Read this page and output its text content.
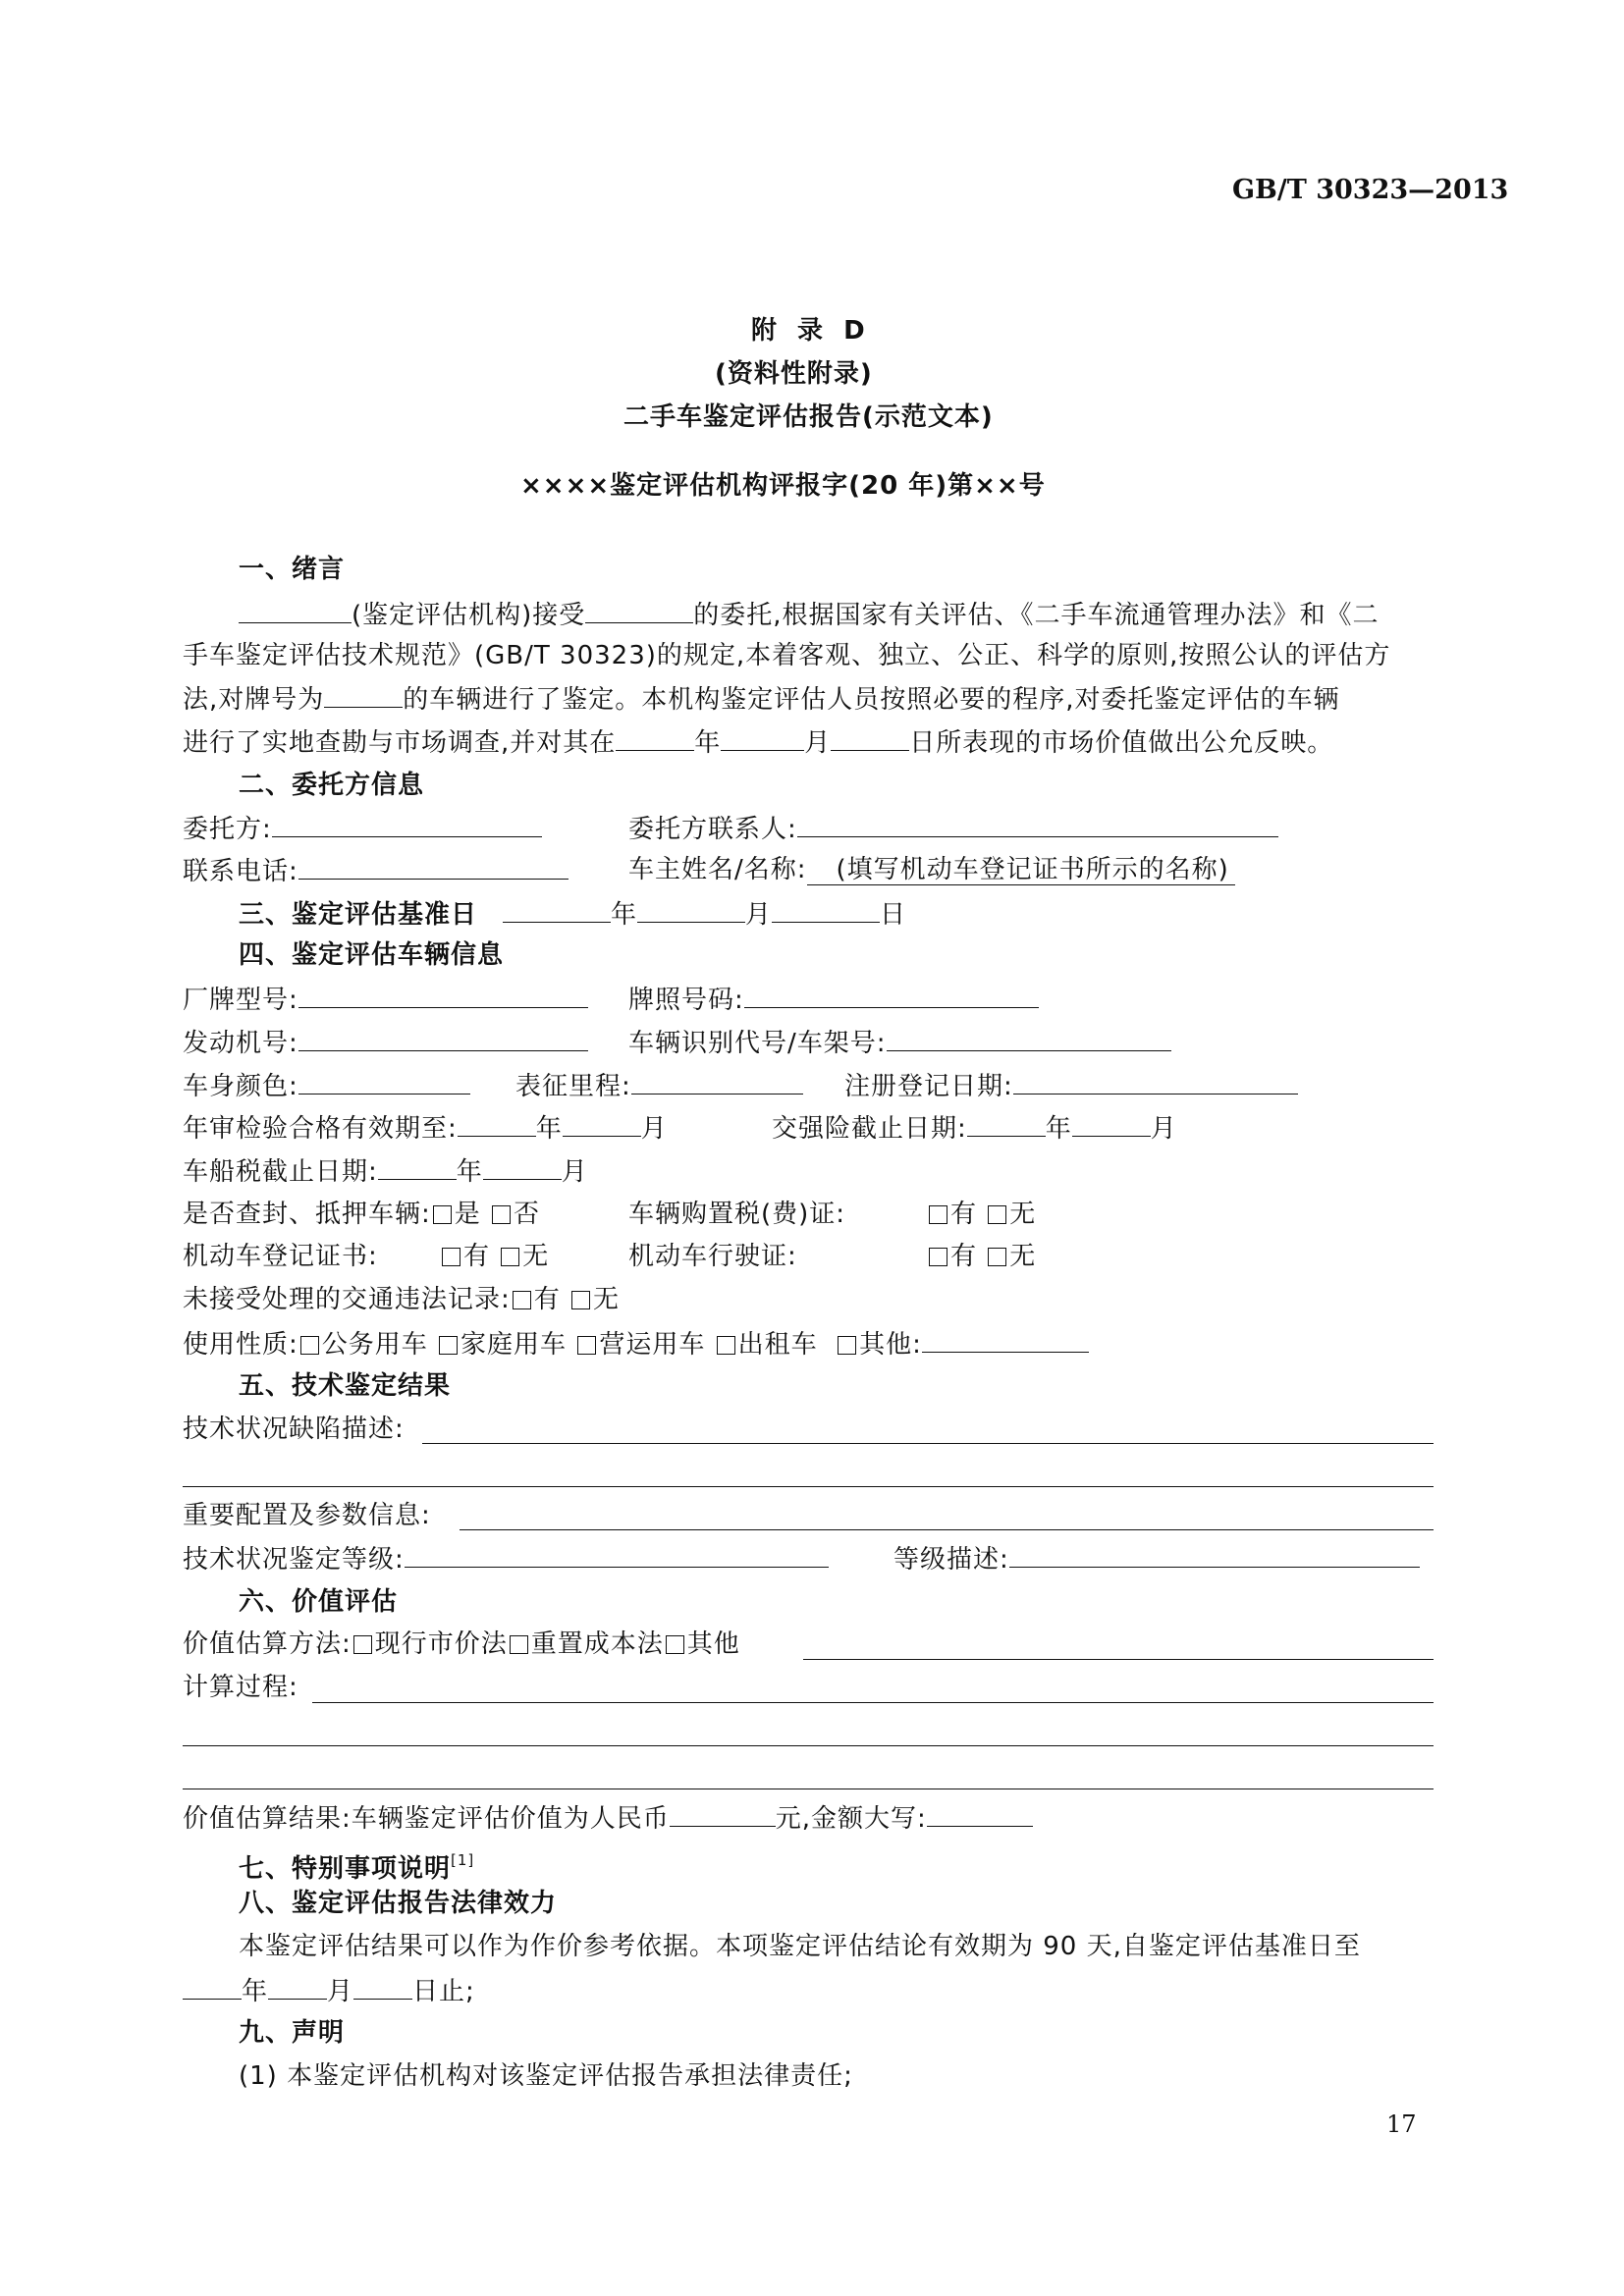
GB/T 30323—2013
附 录 D
(资料性附录)
二手车鉴定评估报告(示范文本)
××××鉴定评估机构评报字(20 年)第××号
一、绪言
(鉴定评估机构)接受	的委托,根据国家有关评估、《二手车流通管理办法》和《二
手车鉴定评估技术规范》(GB/T 30323)的规定,本着客观、独立、公正、科学的原则,按照公认的评估方
法,对牌号为	的车辆进行了鉴定。本机构鉴定评估人员按照必要的程序,对委托鉴定评估的车辆
进行了实地查勘与市场调查,并对其在	年	月	日所表现的市场价值做出公允反映。
二、委托方信息
委托方:	委托方联系人:
联系电话:	车主姓名/名称: (填写机动车登记证书所示的名称)
三、鉴定评估基准日	年	月	日
四、鉴定评估车辆信息
厂牌型号:	牌照号码:
发动机号:	车辆识别代号/车架号:
车身颜色:	表征里程:	注册登记日期:
年审检验合格有效期至:	年	月	交强险截止日期:	年	月
车船税截止日期:	年	月
是否查封、抵押车辆: 是 否	车辆购置税(费)证:	有 无
机动车登记证书:	有 无	机动车行驶证:	有 无
未接受处理的交通违法记录: 有 无
使用性质: 公务用车 家庭用车 营运用车 出租车 其他:
五、技术鉴定结果
技术状况缺陷描述:
重要配置及参数信息:
技术状况鉴定等级:	等级描述:
六、价值评估
价值估算方法: 现行市价法 重置成本法 其他
计算过程:
价值估算结果:车辆鉴定评估价值为人民币	元,金额大写:
七、特别事项说明[1]
八、鉴定评估报告法律效力
本鉴定评估结果可以作为作价参考依据。本项鉴定评估结论有效期为 90 天,自鉴定评估基准日至
年 月 日止;
九、声明
(1) 本鉴定评估机构对该鉴定评估报告承担法律责任;
17
